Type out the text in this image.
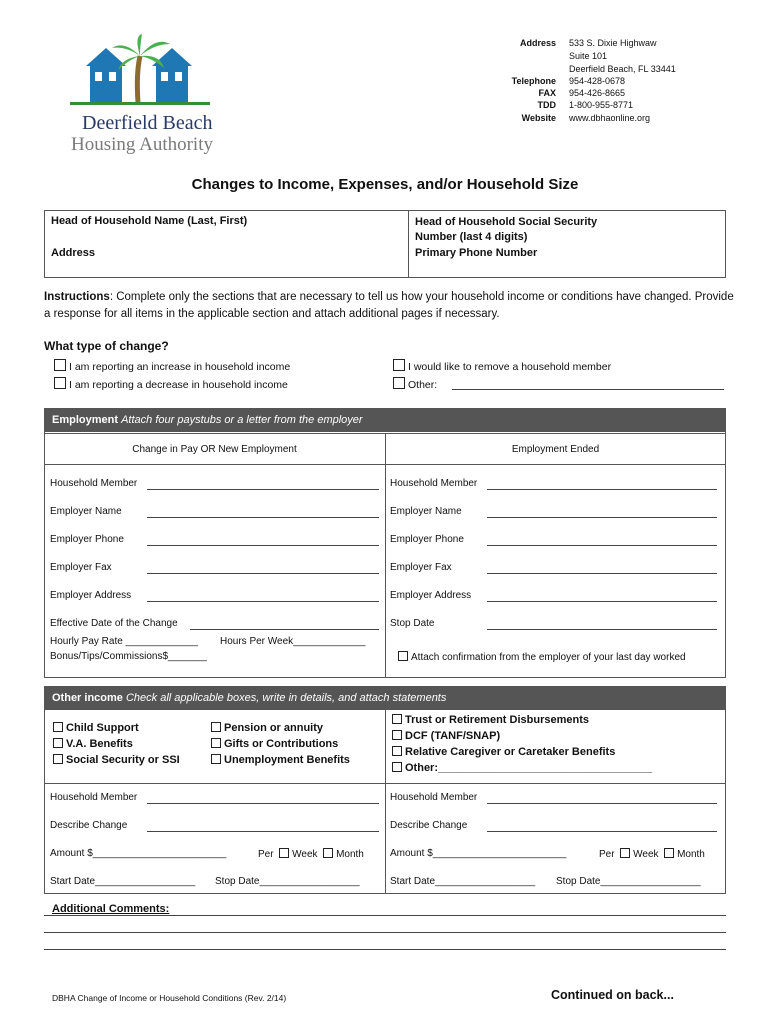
Deerfield Beach
Housing Authority
Address 533 S. Dixie Highwaw
Suite 101
Deerfield Beach, FL 33441
Telephone 954-428-0678
FAX 954-426-8665
TDD 1-800-955-8771
Website www.dbhaonline.org
Changes to Income, Expenses, and/or Household Size
Head of Household Name (Last, First)	Head of Household Social Security Number (last 4 digits)
Address	Primary Phone Number
Instructions: Complete only the sections that are necessary to tell us how your household income or conditions have changed. Provide a response for all items in the applicable section and attach additional pages if necessary.
What type of change?
I am reporting an increase in household income
I am reporting a decrease in household income
I would like to remove a household member
Other:
Employment Attach four paystubs or a letter from the employer
Change in Pay OR New Employment	Employment Ended
Household Member
Employer Name
Employer Phone
Employer Fax
Employer Address
Effective Date of the Change
Hourly Pay Rate _____________ Hours Per Week_____________
Bonus/Tips/Commissions$_______
Household Member
Employer Name
Employer Phone
Employer Fax
Employer Address
Stop Date
Attach confirmation from the employer of your last day worked
Other income Check all applicable boxes, write in details, and attach statements
Child Support
V.A. Benefits
Social Security or SSI
Pension or annuity
Gifts or Contributions
Unemployment Benefits
Trust or Retirement Disbursements
DCF (TANF/SNAP)
Relative Caregiver or Caretaker Benefits
Other:___________________________________
Household Member
Describe Change
Amount $________________________	Per Week Month
Start Date__________________ Stop Date__________________
Household Member
Describe Change
Amount $________________________	Per Week Month
Start Date__________________ Stop Date__________________
Additional Comments:
DBHA Change of Income or Household Conditions (Rev. 2/14)	Continued on back...
